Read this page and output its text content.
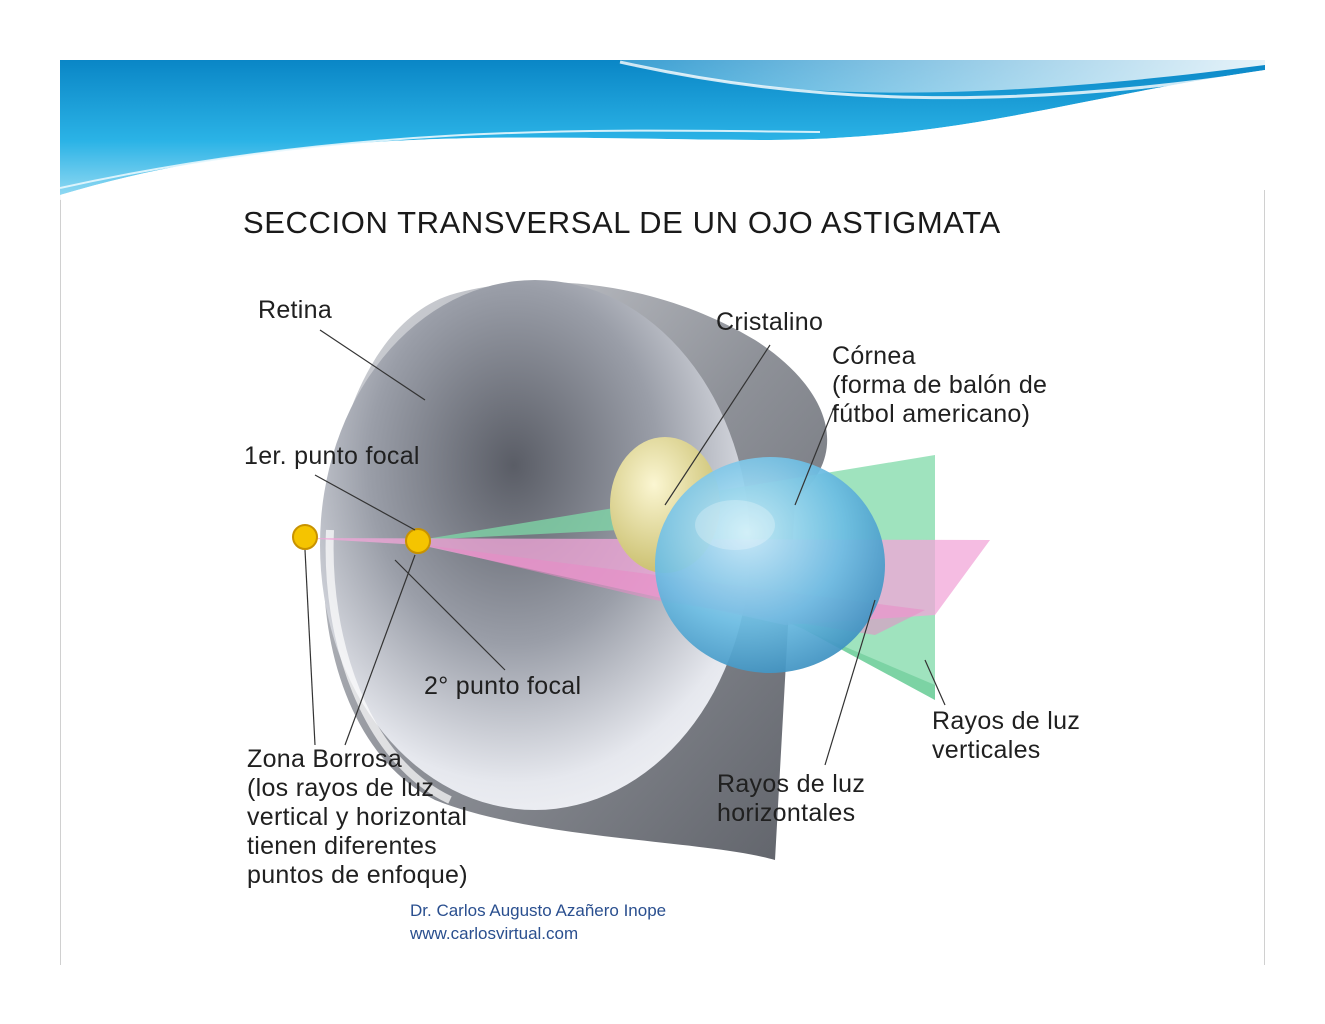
SECCION TRANSVERSAL DE UN OJO ASTIGMATA
Retina	Cristalino
Córnea
(forma de balón de
fútbol americano)
1er. punto focal
2° punto focal
Zona Borrosa
(los rayos de luz
vertical y horizontal
tienen diferentes
puntos de enfoque)
Rayos de luz
verticales
Rayos de luz
horizontales
Dr. Carlos Augusto Azañero Inope
www.carlosvirtual.com
